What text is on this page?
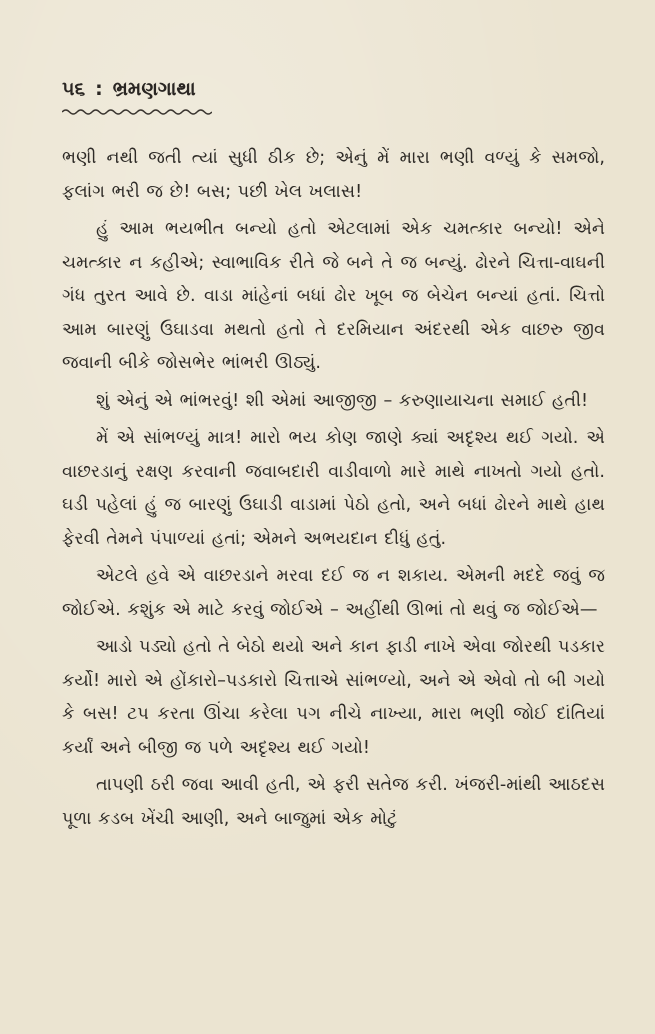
૫૬ : ભ્રમણગાથા

ભણી નથી જતી ત્યાં સુધી ઠીક છે; એનું મેં મારા ભણી વળ્યું કે સમજો, ફલાંગ ભરી જ છે! બસ; પછી ખેલ ખલાસ!

હું આમ ભયભીત બન્યો હતો એટલામાં એક ચમત્કાર બન્યો! એને ચમત્કાર ન કહીએ; સ્વાભાવિક રીતે જે બને તે જ બન્યું. ઢોરને ચિત્તા-વાઘની ગંધ તુરત આવે છે. વાડા માંહેનાં બધાં ઢોર ખૂબ જ બેચેન બન્યાં હતાં. ચિત્તો આમ બારણું ઉઘાડવા મથતો હતો તે દરમિયાન અંદરથી એક વાછરુ જીવ જવાની બીકે જોસભેર ભાંભરી ઊઠ્યું.

શું એનું એ ભાંભરવું! શી એમાં આજીજી – કરુણાયાચના સમાઈ હતી!

મેં એ સાંભળ્યું માત્ર! મારો ભય કોણ જાણે ક્યાં અદૃશ્ય થઈ ગયો. એ વાછરડાનું રક્ષણ કરવાની જવાબદારી વાડીવાળો મારે માથે નાખતો ગયો હતો. ઘડી પહેલાં હું જ બારણું ઉઘાડી વાડામાં પેઠો હતો, અને બધાં ઢોરને માથે હાથ ફેરવી તેમને પંપાળ્યાં હતાં; એમને અભયદાન દીધું હતું.

એટલે હવે એ વાછરડાને મરવા દઈ જ ન શકાય. એમની મદદે જવું જ જોઈએ. કશુંક એ માટે કરવું જોઈએ – અહીંથી ઊભાં તો થવું જ જોઈએ—

આડો પડ્યો હતો તે બેઠો થયો અને કાન ફાડી નાખે એવા જોરથી પડકાર કર્યો! મારો એ હોંકારો–પડકારો ચિત્તાએ સાંભળ્યો, અને એ એવો તો બી ગયો કે બસ! ટપ કરતા ઊંચા કરેલા પગ નીચે નાખ્યા, મારા ભણી જોઈ દાંતિયાં કર્યાં અને બીજી જ પળે અદૃશ્ય થઈ ગયો!

તાપણી ઠરી જવા આવી હતી, એ ફરી સતેજ કરી. ખંજરી-માંથી આઠદસ પૂળા કડબ ખેંચી આણી, અને બાજુમાં એક મોટું
